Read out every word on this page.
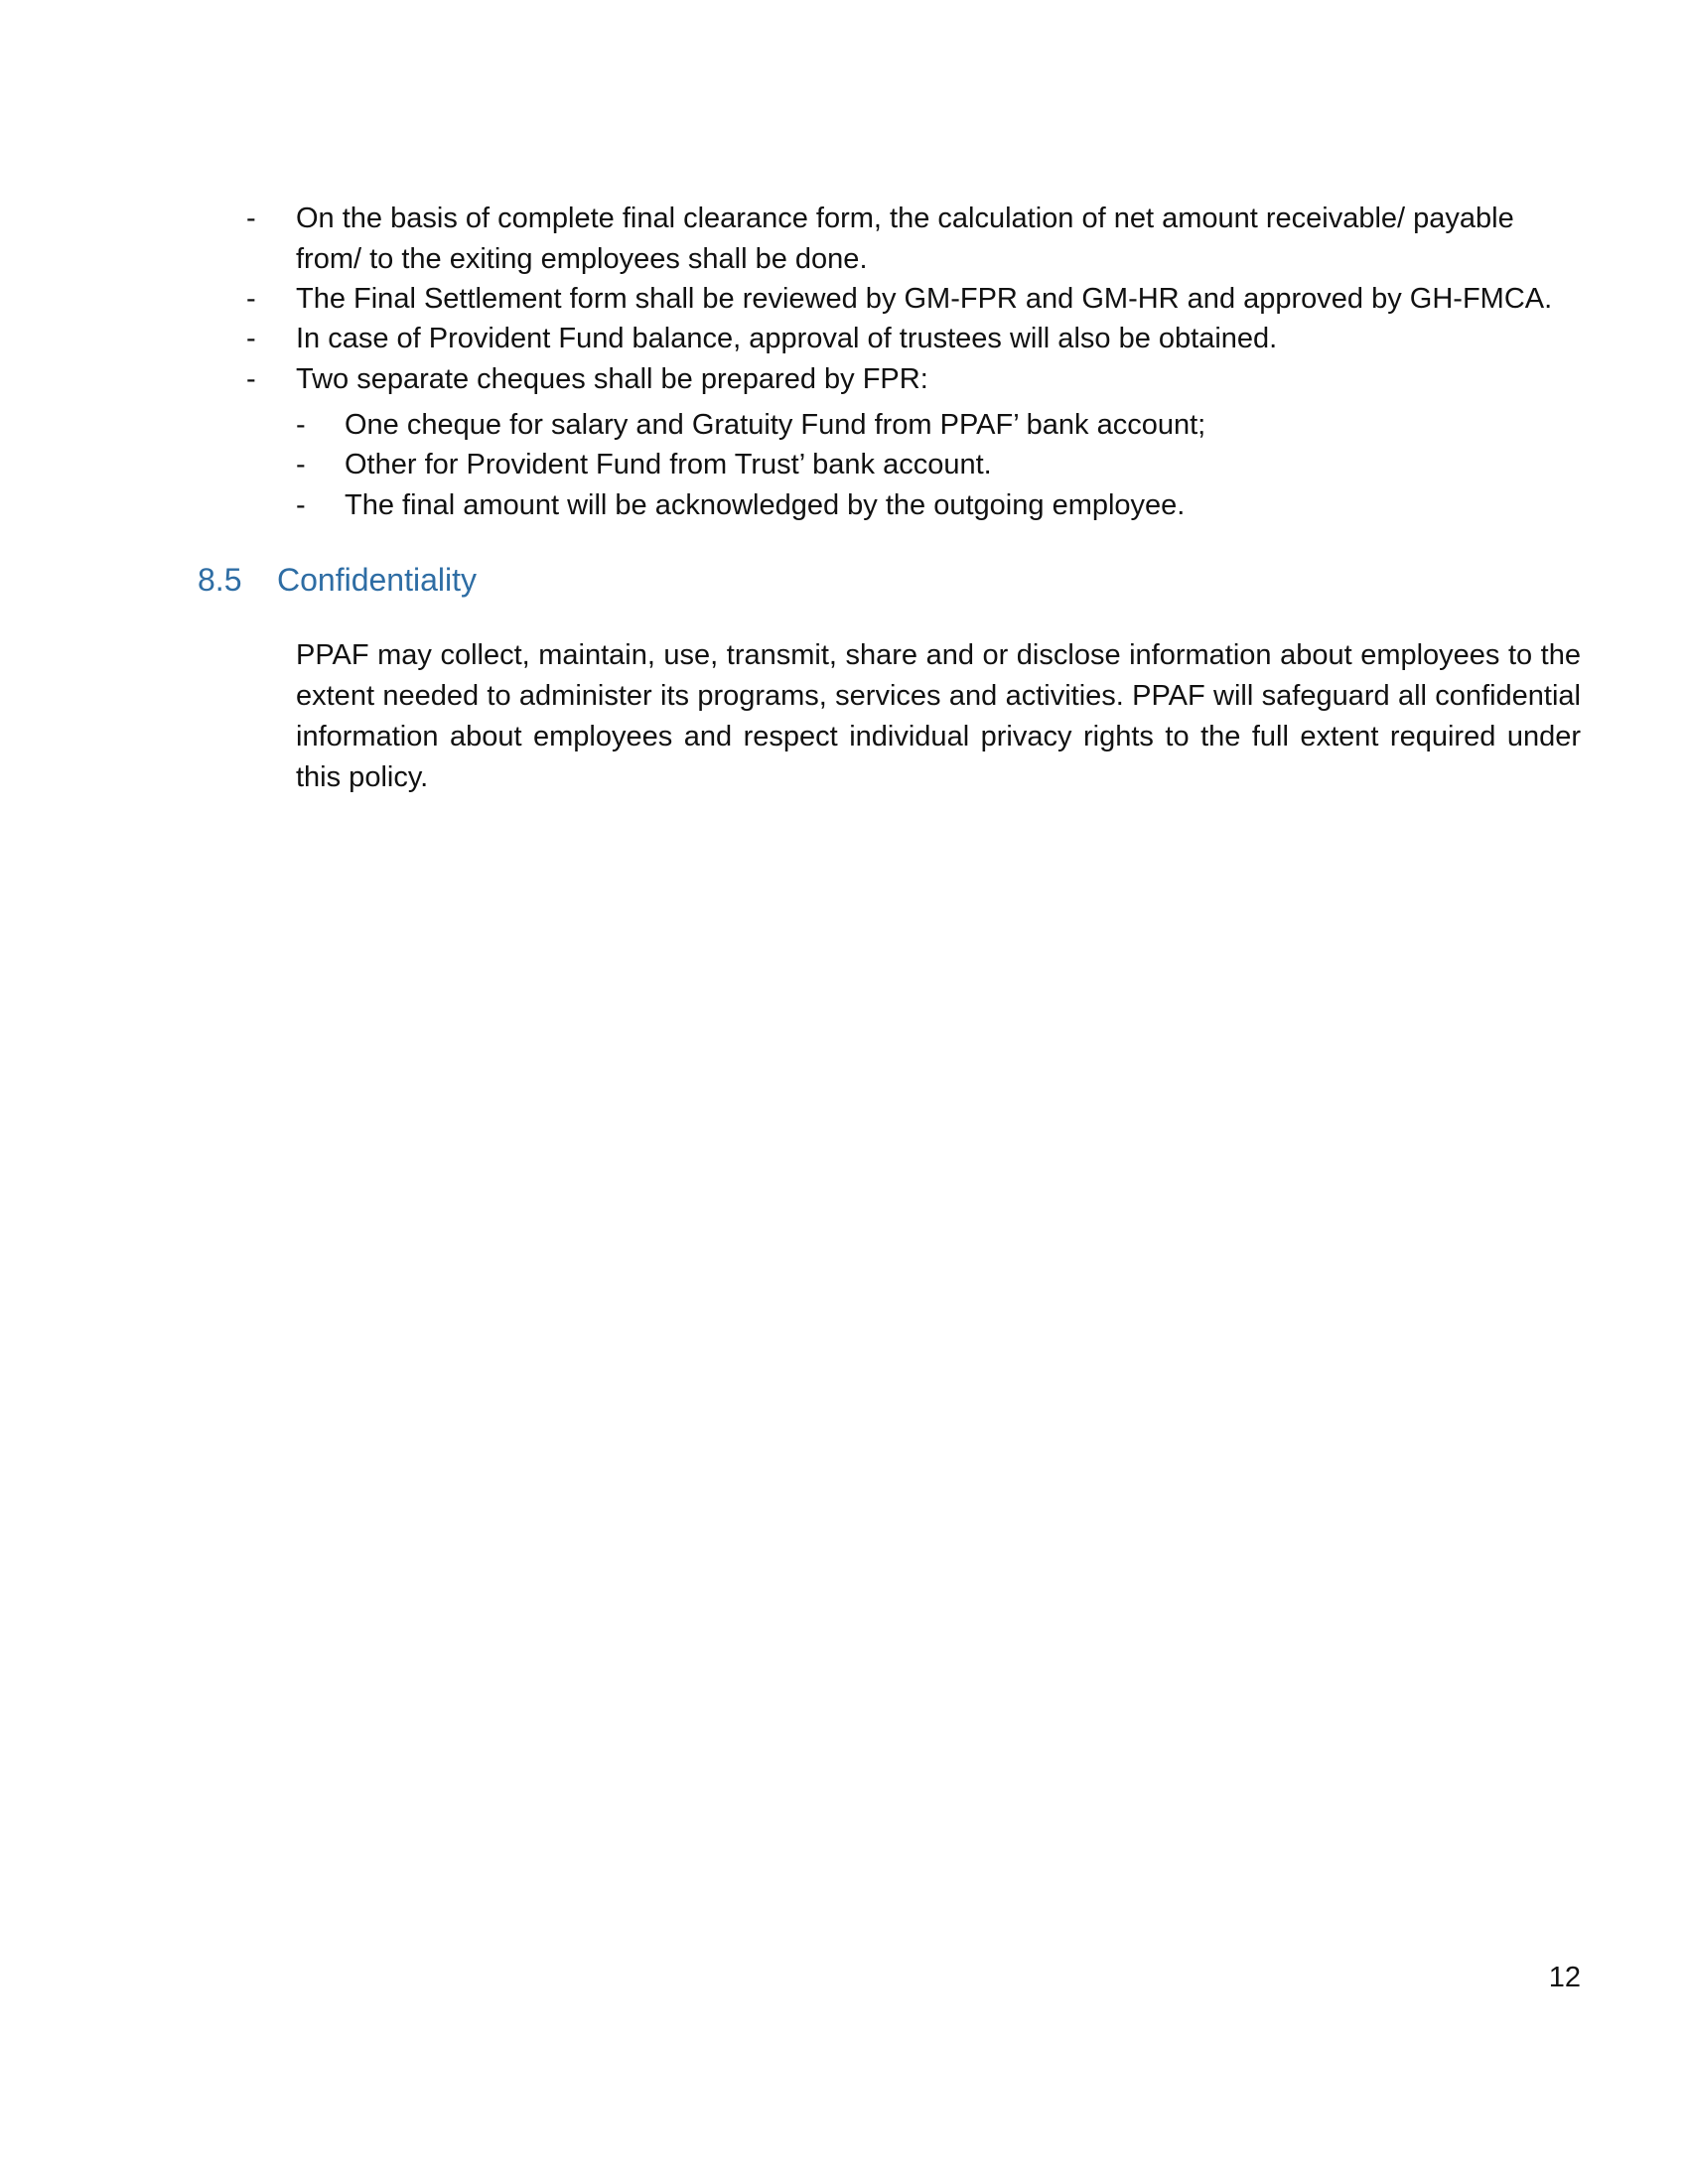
- On the basis of complete final clearance form, the calculation of net amount receivable/ payable
from/ to the exiting employees shall be done.
- The Final Settlement form shall be reviewed by GM-FPR and GM-HR and approved by GH-FMCA.
- In case of Provident Fund balance, approval of trustees will also be obtained.
- Two separate cheques shall be prepared by FPR:
- One cheque for salary and Gratuity Fund from PPAF’ bank account;
- Other for Provident Fund from Trust’ bank account.
- The final amount will be acknowledged by the outgoing employee.
8.5 Confidentiality

PPAF may collect, maintain, use, transmit, share and or disclose information about employees to the extent needed to administer its programs, services and activities. PPAF will safeguard all confidential information about employees and respect individual privacy rights to the full extent required under this policy.

12
